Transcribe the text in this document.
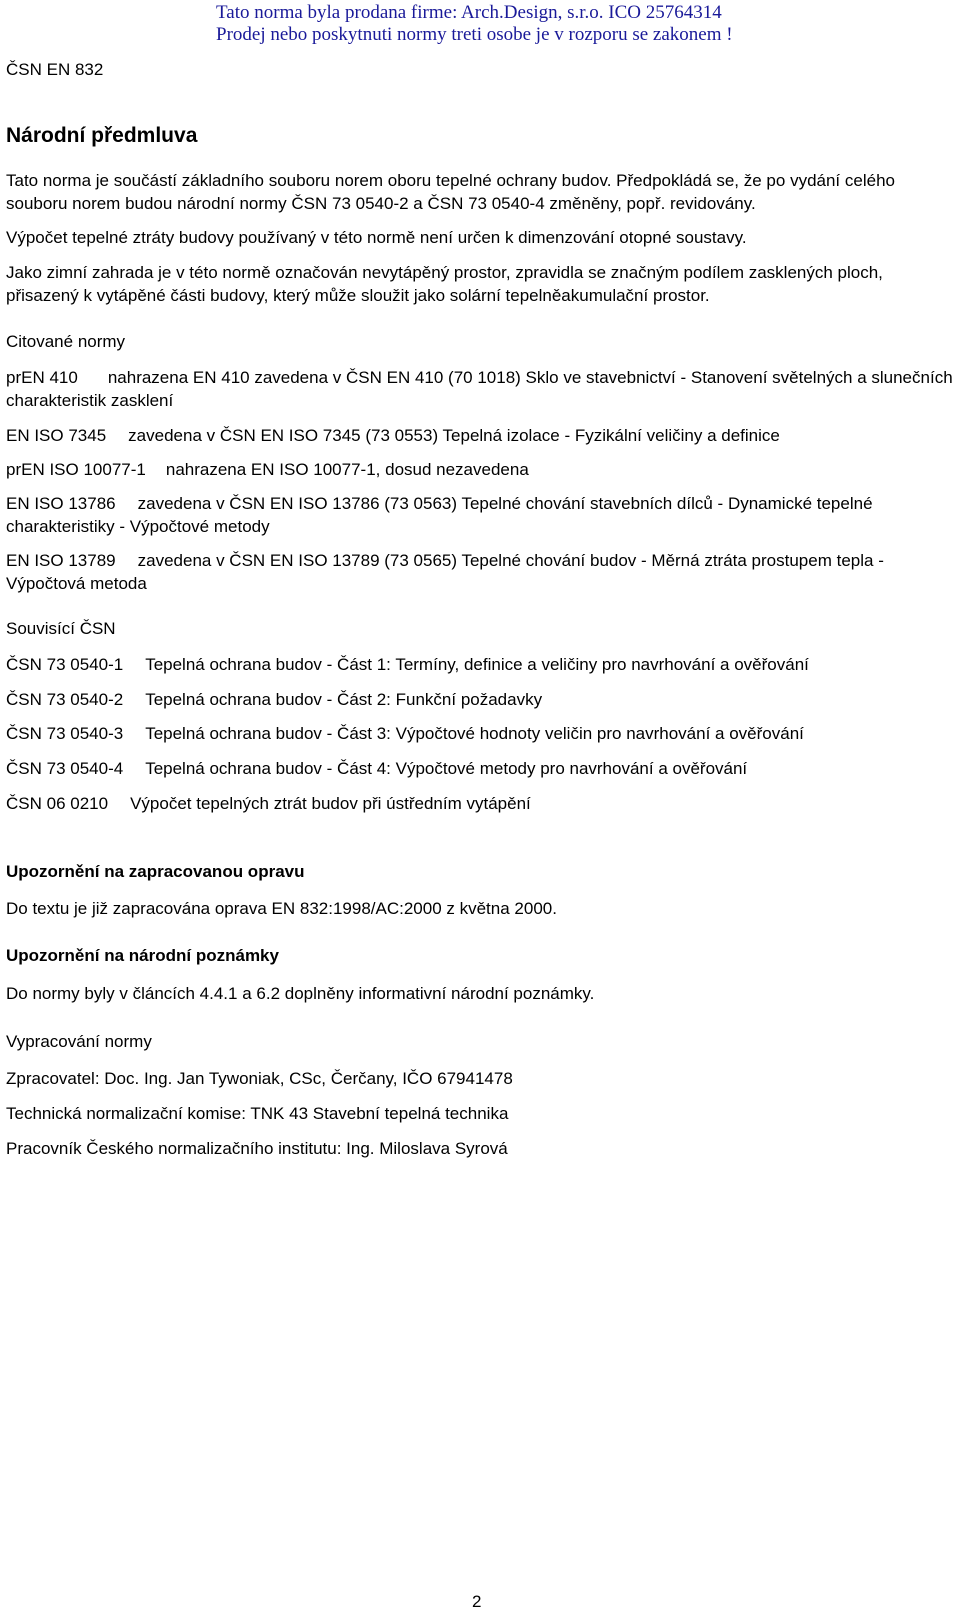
Tato norma byla prodana firme: Arch.Design, s.r.o. ICO 25764314
Prodej nebo poskytnuti normy treti osobe je v rozporu se zakonem !
ČSN EN 832
Národní předmluva
Tato norma je součástí základního souboru norem oboru tepelné ochrany budov. Předpokládá se, že po vydání celého souboru norem budou národní normy ČSN 73 0540-2 a ČSN 73 0540-4 změněny, popř. revidovány.
Výpočet tepelné ztráty budovy používaný v této normě není určen k dimenzování otopné soustavy.
Jako zimní zahrada je v této normě označován nevytápěný prostor, zpravidla se značným podílem zasklených ploch, přisazený k vytápěné části budovy, který může sloužit jako solární tepelněakumulační prostor.
Citované normy
prEN 410 nahrazena EN 410 zavedena v ČSN EN 410 (70 1018) Sklo ve stavebnictví - Stanovení světelných a slunečních charakteristik zasklení
EN ISO 7345 zavedena v ČSN EN ISO 7345 (73 0553) Tepelná izolace - Fyzikální veličiny a definice
prEN ISO 10077-1 nahrazena EN ISO 10077-1, dosud nezavedena
EN ISO 13786 zavedena v ČSN EN ISO 13786 (73 0563) Tepelné chování stavebních dílců - Dynamické tepelné charakteristiky - Výpočtové metody
EN ISO 13789 zavedena v ČSN EN ISO 13789 (73 0565) Tepelné chování budov - Měrná ztráta prostupem tepla - Výpočtová metoda
Souvisící ČSN
ČSN 73 0540-1 Tepelná ochrana budov - Část 1: Termíny, definice a veličiny pro navrhování a ověřování
ČSN 73 0540-2 Tepelná ochrana budov - Část 2: Funkční požadavky
ČSN 73 0540-3 Tepelná ochrana budov - Část 3: Výpočtové hodnoty veličin pro navrhování a ověřování
ČSN 73 0540-4 Tepelná ochrana budov - Část 4: Výpočtové metody pro navrhování a ověřování
ČSN 06 0210 Výpočet tepelných ztrát budov při ústředním vytápění
Upozornění na zapracovanou opravu
Do textu je již zapracována oprava EN 832:1998/AC:2000 z května 2000.
Upozornění na národní poznámky
Do normy byly v článcích 4.4.1 a 6.2 doplněny informativní národní poznámky.
Vypracování normy
Zpracovatel: Doc. Ing. Jan Tywoniak, CSc, Čerčany, IČO 67941478
Technická normalizační komise: TNK 43 Stavební tepelná technika
Pracovník Českého normalizačního institutu: Ing. Miloslava Syrová
2
